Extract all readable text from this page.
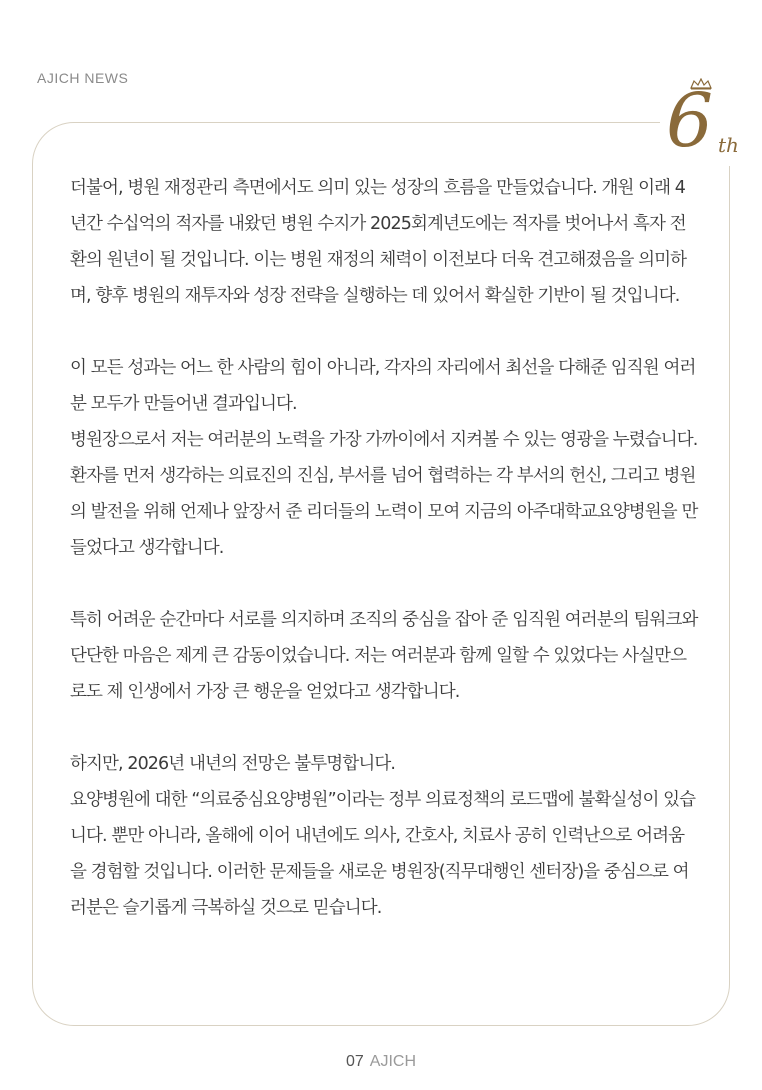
AJICH NEWS	6 th

더불어, 병원 재정관리 측면에서도 의미 있는 성장의 흐름을 만들었습니다. 개원 이래 4년간 수십억의 적자를 내왔던 병원 수지가 2025회계년도에는 적자를 벗어나서 흑자 전환의 원년이 될 것입니다. 이는 병원 재정의 체력이 이전보다 더욱 견고해졌음을 의미하며, 향후 병원의 재투자와 성장 전략을 실행하는 데 있어서 확실한 기반이 될 것입니다.

이 모든 성과는 어느 한 사람의 힘이 아니라, 각자의 자리에서 최선을 다해준 임직원 여러분 모두가 만들어낸 결과입니다.

병원장으로서 저는 여러분의 노력을 가장 가까이에서 지켜볼 수 있는 영광을 누렸습니다. 환자를 먼저 생각하는 의료진의 진심, 부서를 넘어 협력하는 각 부서의 헌신, 그리고 병원의 발전을 위해 언제나 앞장서 준 리더들의 노력이 모여 지금의 아주대학교요양병원을 만들었다고 생각합니다.

특히 어려운 순간마다 서로를 의지하며 조직의 중심을 잡아 준 임직원 여러분의 팀워크와 단단한 마음은 제게 큰 감동이었습니다. 저는 여러분과 함께 일할 수 있었다는 사실만으로도 제 인생에서 가장 큰 행운을 얻었다고 생각합니다.

하지만, 2026년 내년의 전망은 불투명합니다.

요양병원에 대한 “의료중심요양병원”이라는 정부 의료정책의 로드맵에 불확실성이 있습니다. 뿐만 아니라, 올해에 이어 내년에도 의사, 간호사, 치료사 공히 인력난으로 어려움을 경험할 것입니다. 이러한 문제들을 새로운 병원장(직무대행인 센터장)을 중심으로 여러분은 슬기롭게 극복하실 것으로 믿습니다.

07 AJICH
